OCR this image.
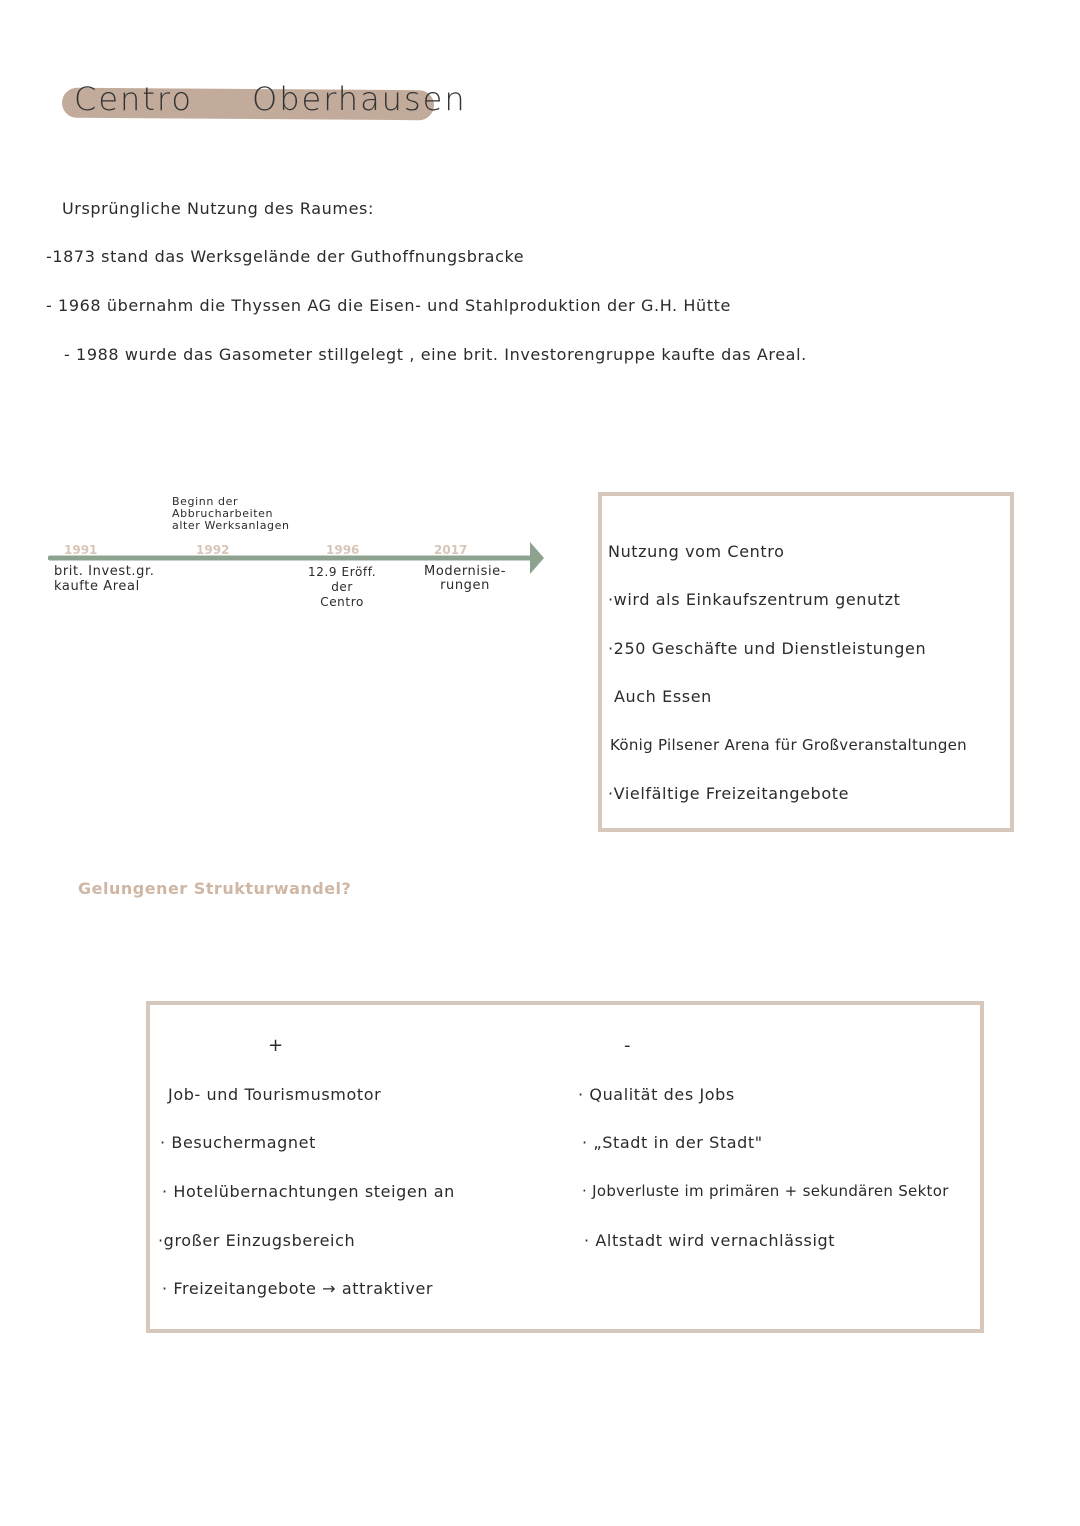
Centro Oberhausen
Ursprüngliche Nutzung des Raumes:
-1873 stand das Werksgelände der Guthoffnungsbracke
- 1968 übernahm die Thyssen AG die Eisen- und Stahlproduktion der G.H. Hütte
- 1988 wurde das Gasometer stillgelegt , eine brit. Investorengruppe kaufte das Areal.
1991
brit. Invest.gr.
kaufte Areal
Beginn der
Abbrucharbeiten
alter Werksanlagen
1992	1996
12.9 Eröff.
der
Centro
2017
Modernisie-
rungen
Nutzung vom Centro
·wird als Einkaufszentrum genutzt
·250 Geschäfte und Dienstleistungen
Auch Essen
König Pilsener Arena für Großveranstaltungen
·Vielfältige Freizeitangebote
Gelungener Strukturwandel?
+	-
Job- und Tourismusmotor
· Besuchermagnet
· Hotelübernachtungen steigen an
·großer Einzugsbereich
· Freizeitangebote → attraktiver
· Qualität des Jobs
· „Stadt in der Stadt"
· Jobverluste im primären + sekundären Sektor
· Altstadt wird vernachlässigt
